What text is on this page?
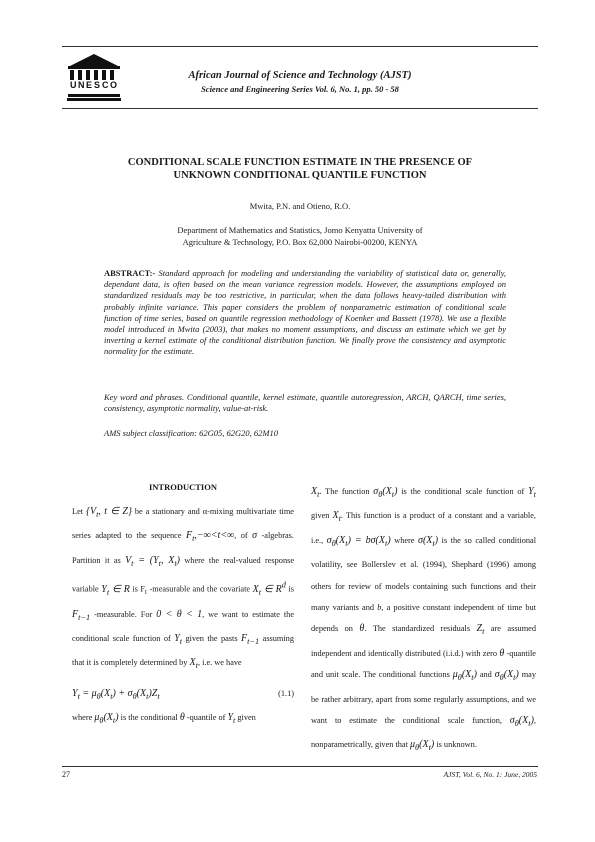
U N E S C O
African Journal of Science and Technology (AJST)
Science and Engineering Series Vol. 6, No. 1, pp. 50 - 58
CONDITIONAL SCALE FUNCTION ESTIMATE IN THE PRESENCE OF
UNKNOWN CONDITIONAL QUANTILE FUNCTION
Mwita, P.N. and Otieno, R.O.
Department of Mathematics and Statistics, Jomo Kenyatta University of
Agriculture & Technology, P.O. Box 62,000 Nairobi-00200, KENYA
ABSTRACT:- Standard approach for modeling and understanding the variability of statistical data or, generally, dependant data, is often based on the mean variance regression models. However, the assumptions employed on standardized residuals may be too restrictive, in particular, when the data follows heavy-tailed distribution with probably infinite variance. This paper considers the problem of nonparametric estimation of conditional scale function of time series, based on quantile regression methodology of Koenker and Bassett (1978). We use a flexible model introduced in Mwita (2003), that makes no moment assumptions, and discuss an estimate which we get by inverting a kernel estimate of the conditional distribution function. We finally prove the consistency and asymptotic normality for the estimate.
Key word and phrases. Conditional quantile, kernel estimate, quantile autoregression, ARCH, QARCH, time series, consistency, asymptotic normality, value-at-risk.
AMS subject classification: 62G05, 62G20, 62M10
INTRODUCTION
Let {$V_t$, t ∈ Z} be a stationary and α-mixing multivariate time series adapted to the sequence $F_t,-\infty<t<\infty$, of σ -algebras. Partition it as $V_t = (Y_t$, $X_t$) where the real-valued response variable $Y_t$ ∈ R is $F_t$ -measurable and the covariate $X_t$ ∈ $R^d$ is $F_{t-1}$ -measurable. For 0 < θ < 1, we want to estimate the conditional scale function of $Y_t$ given the pasts $F_{t-1}$ assuming that it is completely determined by $X_t$, i.e. we have
$Y_t = \mu_\theta(X_t) + \sigma_\theta(X_t)Z_t$	(1.1)
where $\mu_\theta(X_t)$ is the conditional θ -quantile of $Y_t$ given
$X_t$. The function $\sigma_\theta(X_t)$ is the conditional scale function of $Y_t$ given $X_t$. This function is a product of a constant and a variable, i.e., $\sigma_\theta(X_t) = b\sigma(X_t)$ where $\sigma(X_t)$ is the so called conditional volatility, see Bollerslev et al. (1994), Shephard (1996) among others for review of models containing such functions and their many variants and b, a positive constant independent of time but depends on θ. The standardized residuals $Z_t$ are assumed independent and identically distributed (i.i.d.) with zero θ -quantile and unit scale. The conditional functions $\mu_\theta(X_t)$ and $\sigma_\theta(X_t)$ may be rather arbitrary, apart from some regularly assumptions, and we want to estimate the conditional scale function, $\sigma_\theta(X_t)$, nonparametrically, given that $\mu_\theta(X_t)$ is unknown.
27	AJST, Vol. 6, No. 1: June, 2005
